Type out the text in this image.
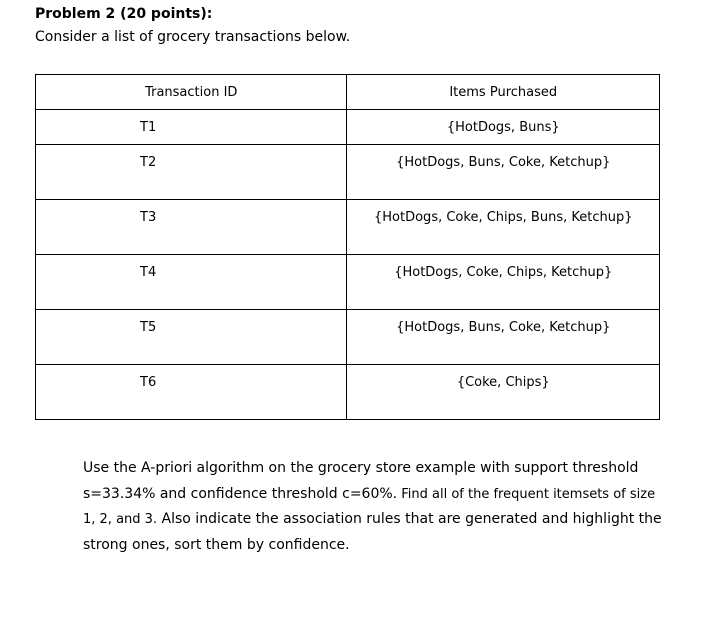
Problem 2 (20 points):
Consider a list of grocery transactions below.
Transaction ID	Items Purchased
T1	{HotDogs, Buns}
T2	{HotDogs, Buns, Coke, Ketchup}
T3	{HotDogs, Coke, Chips, Buns, Ketchup}
T4	{HotDogs, Coke, Chips, Ketchup}
T5	{HotDogs, Buns, Coke, Ketchup}
T6	{Coke, Chips}
Use the A-priori algorithm on the grocery store example with support threshold s=33.34% and confidence threshold c=60%. Find all of the frequent itemsets of size 1, 2, and 3. Also indicate the association rules that are generated and highlight the strong ones, sort them by confidence.
